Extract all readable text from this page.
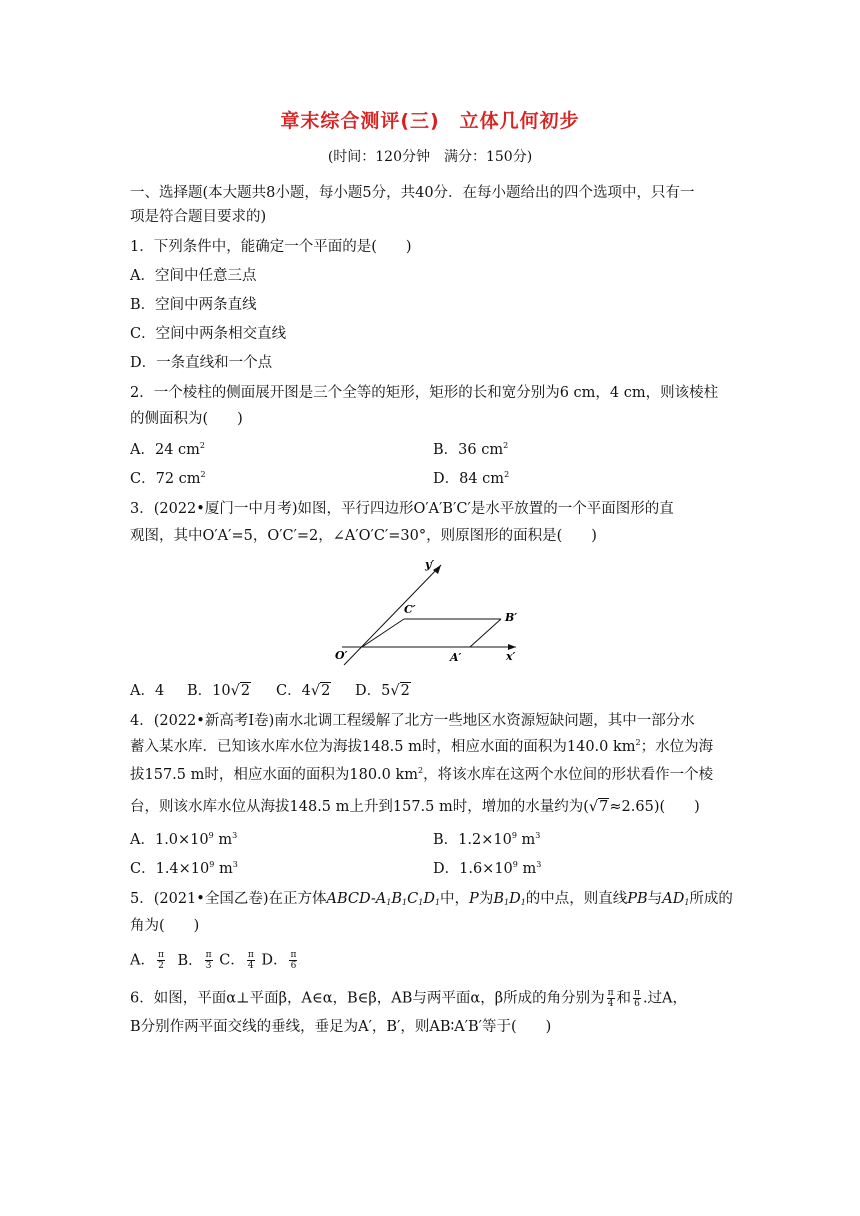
章末综合测评(三)　立体几何初步
(时间：120分钟　满分：150分)
一、选择题(本大题共8小题，每小题5分，共40分．在每小题给出的四个选项中，只有一
项是符合题目要求的)
1．下列条件中，能确定一个平面的是(　　)
A．空间中任意三点
B．空间中两条直线
C．空间中两条相交直线
D．一条直线和一个点
2．一个棱柱的侧面展开图是三个全等的矩形，矩形的长和宽分别为6 cm，4 cm，则该棱柱
的侧面积为(　　)
A．24 $cm^2$	B．36 $cm^2$
C．72 $cm^2$	D．84 $cm^2$
3．(2022•厦门一中月考)如图，平行四边形O′A′B′C′是水平放置的一个平面图形的直
观图，其中O′A′=5，O′C′=2，∠A′O′C′=30°，则原图形的面积是(　　)
y′
x′
O′	A′
B′
C′
A．4 B．10√2 C．4√2 D．5√2
4．(2022•新高考Ⅰ卷)南水北调工程缓解了北方一些地区水资源短缺问题，其中一部分水
蓄入某水库．已知该水库水位为海拔148.5 m时，相应水面的面积为140.0 $km^2$；水位为海
拔157.5 m时，相应水面的面积为180.0 $km^2$，将该水库在这两个水位间的形状看作一个棱
台，则该水库水位从海拔148.5 m上升到157.5 m时，增加的水量约为(√7≈2.65)(　　)
A．$1.0\times 10^9$ $m^3$	B．$1.2\times 10^9$ $m^3$
C．$1.4\times 10^9$ $m^3$	D．$1.6\times 10^9$ $m^3$
5．(2021•全国乙卷)在正方体ABCD-$A_1B_1C_1D_1$中，P为$B_1D_1$的中点，则直线PB与$AD_1$所成的
角为(　　)
A． $\frac{\pi}{2}$ B． $\frac{\pi}{3}$ C． $\frac{\pi}{4}$ D． $\frac{\pi}{6}$
6．如图，平面α⊥平面β，A∈α，B∈β，AB与两平面α，β所成的角分别为 $\frac{\pi}{4}$ 和 $\frac{\pi}{6}$ .过A，
B分别作两平面交线的垂线，垂足为A′，B′，则AB∶A′B′等于(　　)
